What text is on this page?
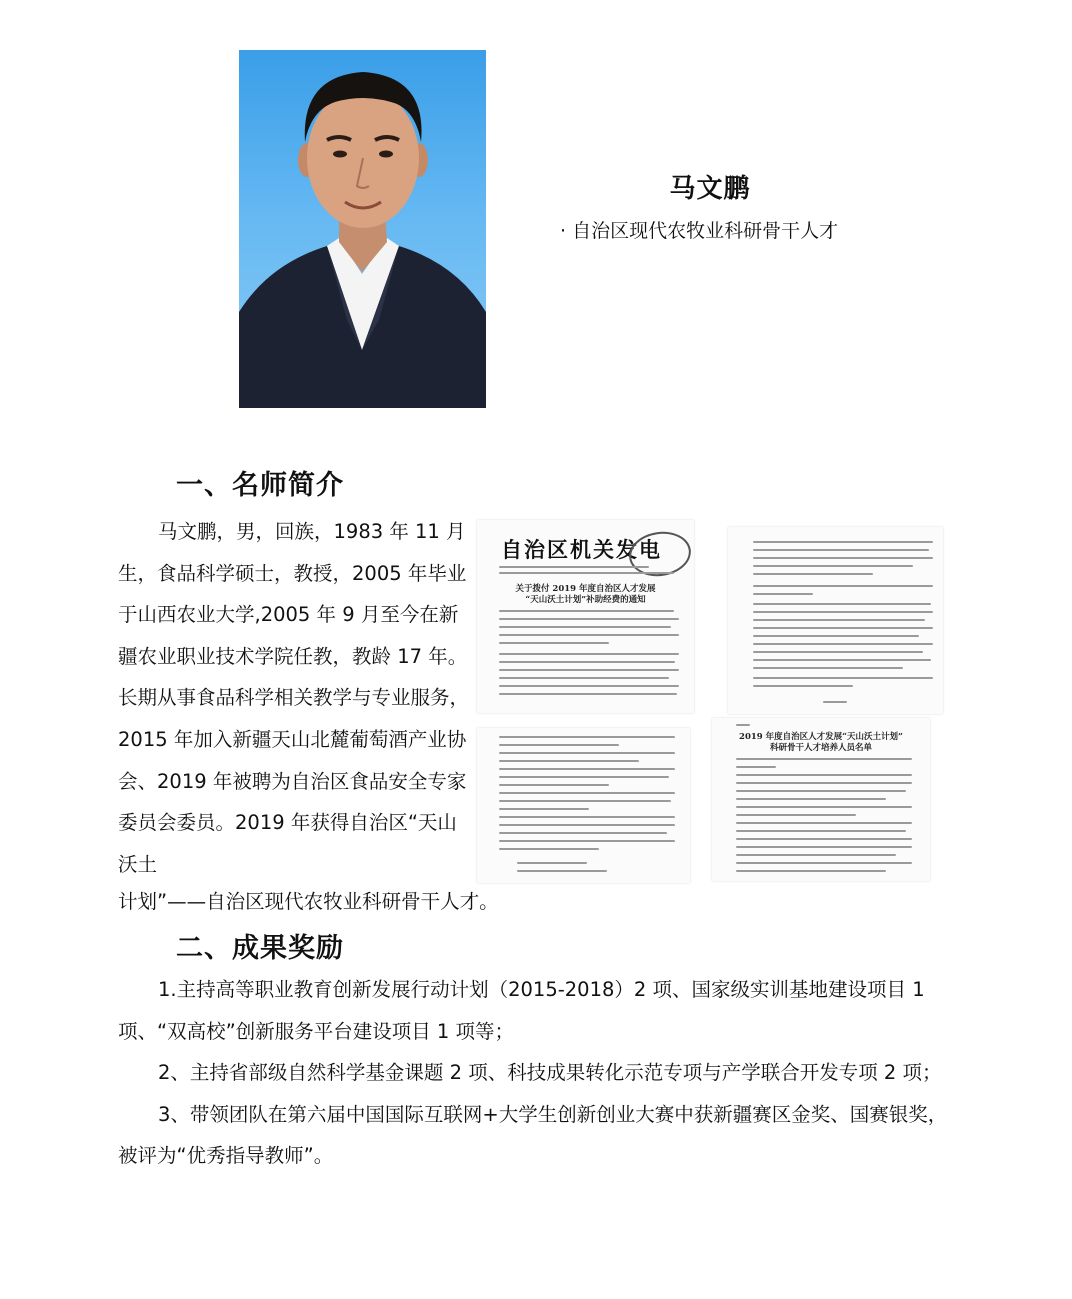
马文鹏
· 自治区现代农牧业科研骨干人才
一、名师简介

马文鹏，男，回族，1983 年 11 月生，食品科学硕士，教授，2005 年毕业于山西农业大学,2005 年 9 月至今在新疆农业职业技术学院任教，教龄 17 年。长期从事食品科学相关教学与专业服务，2015 年加入新疆天山北麓葡萄酒产业协会、2019 年被聘为自治区食品安全专家委员会委员。2019 年获得自治区“天山沃土

计划”——自治区现代农牧业科研骨干人才。

自治区机关发电
关于拨付 2019 年度自治区人才发展
“天山沃土计划”补助经费的通知
2019 年度自治区人才发展“天山沃土计划”
科研骨干人才培养人员名单
二、成果奖励
1.主持高等职业教育创新发展行动计划（2015-2018）2 项、国家级实训基地建设项目 1 项、“双高校”创新服务平台建设项目 1 项等；
2、主持省部级自然科学基金课题 2 项、科技成果转化示范专项与产学联合开发专项 2 项；
3、带领团队在第六届中国国际互联网+大学生创新创业大赛中获新疆赛区金奖、国赛银奖，被评为“优秀指导教师”。
